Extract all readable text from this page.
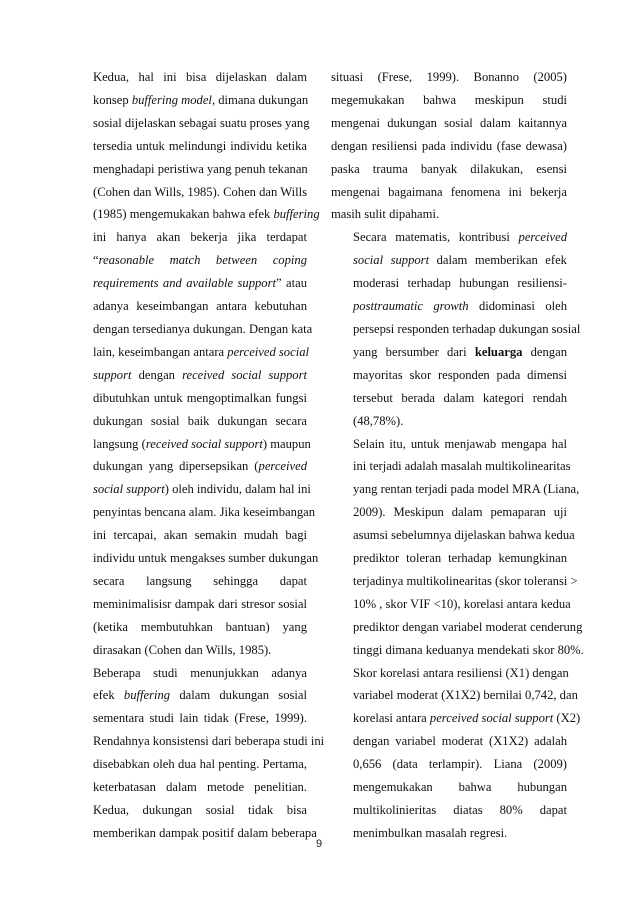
Kedua, hal ini bisa dijelaskan dalam
konsep buffering model, dimana dukungan
sosial dijelaskan sebagai suatu proses yang
tersedia untuk melindungi individu ketika
menghadapi peristiwa yang penuh tekanan
(Cohen dan Wills, 1985). Cohen dan Wills
(1985) mengemukakan bahwa efek buffering
ini hanya akan bekerja jika terdapat
“reasonable match between coping
requirements and available support” atau
adanya keseimbangan antara kebutuhan
dengan tersedianya dukungan. Dengan kata
lain, keseimbangan antara perceived social
support dengan received social support
dibutuhkan untuk mengoptimalkan fungsi
dukungan sosial baik dukungan secara
langsung (received social support) maupun
dukungan yang dipersepsikan (perceived
social support) oleh individu, dalam hal ini
penyintas bencana alam. Jika keseimbangan
ini tercapai, akan semakin mudah bagi
individu untuk mengakses sumber dukungan
secara langsung sehingga dapat
meminimalisisr dampak dari stresor sosial
(ketika membutuhkan bantuan) yang
dirasakan (Cohen dan Wills, 1985).

Beberapa studi menunjukkan adanya
efek buffering dalam dukungan sosial
sementara studi lain tidak (Frese, 1999).
Rendahnya konsistensi dari beberapa studi ini
disebabkan oleh dua hal penting. Pertama,
keterbatasan dalam metode penelitian.
Kedua, dukungan sosial tidak bisa
memberikan dampak positif dalam beberapa

situasi (Frese, 1999). Bonanno (2005)
megemukakan bahwa meskipun studi
mengenai dukungan sosial dalam kaitannya
dengan resiliensi pada individu (fase dewasa)
paska trauma banyak dilakukan, esensi
mengenai bagaimana fenomena ini bekerja
masih sulit dipahami.

Secara matematis, kontribusi perceived
social support dalam memberikan efek
moderasi terhadap hubungan resiliensi-
posttraumatic growth didominasi oleh
persepsi responden terhadap dukungan sosial
yang bersumber dari keluarga dengan
mayoritas skor responden pada dimensi
tersebut berada dalam kategori rendah
(48,78%).

Selain itu, untuk menjawab mengapa hal
ini terjadi adalah masalah multikolinearitas
yang rentan terjadi pada model MRA (Liana,
2009). Meskipun dalam pemaparan uji
asumsi sebelumnya dijelaskan bahwa kedua
prediktor toleran terhadap kemungkinan
terjadinya multikolinearitas (skor toleransi >
10% , skor VIF <10), korelasi antara kedua
prediktor dengan variabel moderat cenderung
tinggi dimana keduanya mendekati skor 80%.
Skor korelasi antara resiliensi (X1) dengan
variabel moderat (X1X2) bernilai 0,742, dan
korelasi antara perceived social support (X2)
dengan variabel moderat (X1X2) adalah
0,656 (data terlampir). Liana (2009)
mengemukakan bahwa hubungan
multikolinieritas diatas 80% dapat
menimbulkan masalah regresi.

9
